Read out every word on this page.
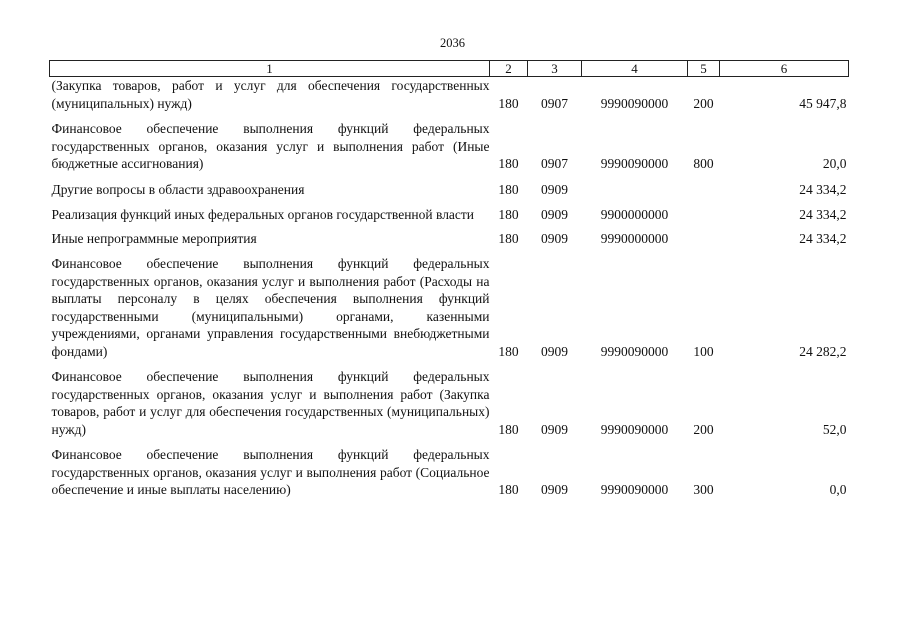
2036
1	2	3	4	5	6
(Закупка товаров, работ и услуг для обеспечения государственных (муниципальных) нужд)	180	0907	9990090000	200	45 947,8

Финансовое обеспечение выполнения функций федеральных государственных органов, оказания услуг и выполнения работ (Иные бюджетные ассигнования)	180	0907	9990090000	800	20,0

Другие вопросы в области здравоохранения	180	0909			24 334,2

Реализация функций иных федеральных органов государственной власти	180	0909	9900000000		24 334,2

Иные непрограммные мероприятия	180	0909	9990000000		24 334,2

Финансовое обеспечение выполнения функций федеральных государственных органов, оказания услуг и выполнения работ (Расходы на выплаты персоналу в целях обеспечения выполнения функций государственными (муниципальными) органами, казенными учреждениями, органами управления государственными внебюджетными фондами)	180	0909	9990090000	100	24 282,2

Финансовое обеспечение выполнения функций федеральных государственных органов, оказания услуг и выполнения работ (Закупка товаров, работ и услуг для обеспечения государственных (муниципальных) нужд)	180	0909	9990090000	200	52,0

Финансовое обеспечение выполнения функций федеральных государственных органов, оказания услуг и выполнения работ (Социальное обеспечение и иные выплаты населению)	180	0909	9990090000	300	0,0
